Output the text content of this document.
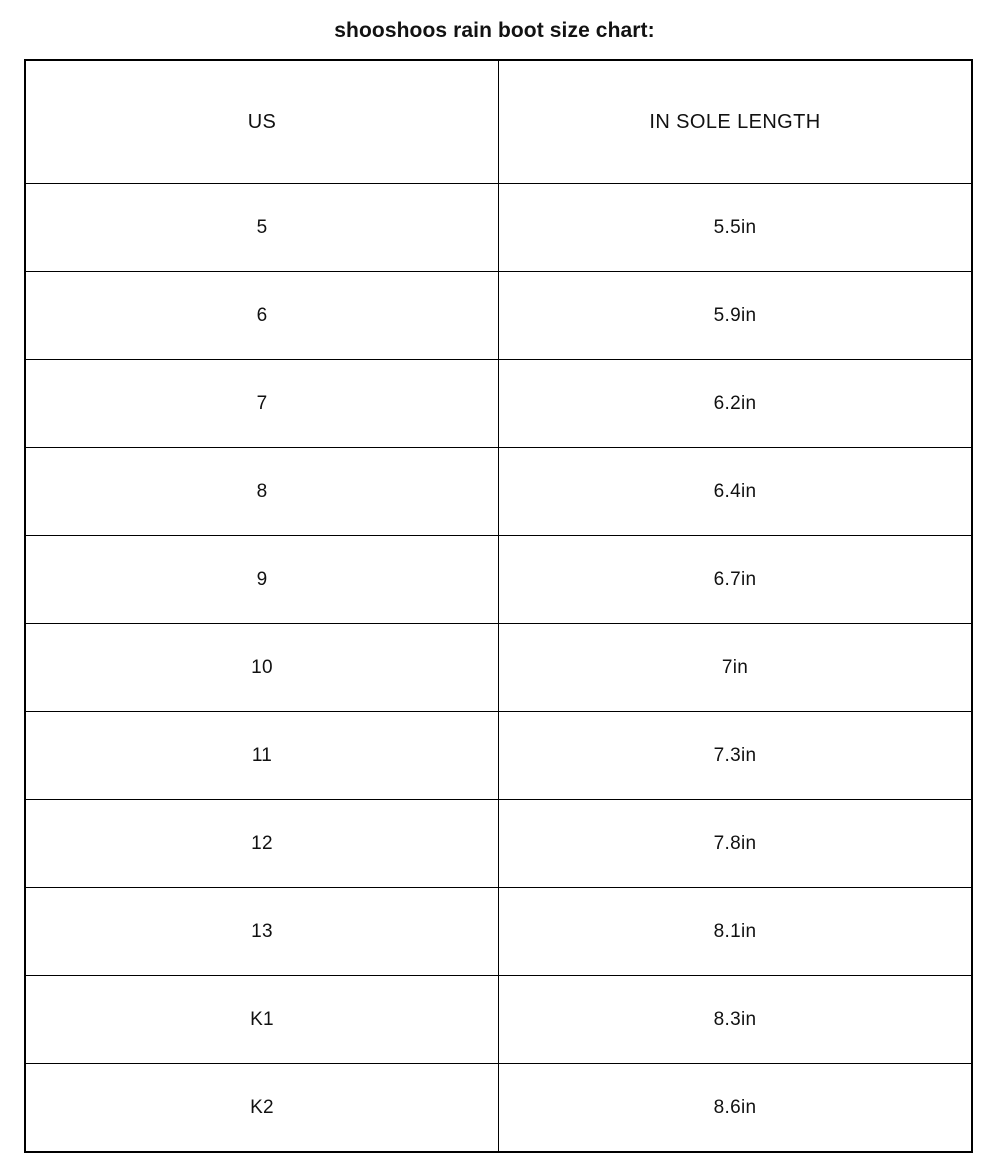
shooshoos rain boot size chart:
US	IN SOLE LENGTH
5	5.5in
6	5.9in
7	6.2in
8	6.4in
9	6.7in
10	7in
11	7.3in
12	7.8in
13	8.1in
K1	8.3in
K2	8.6in
